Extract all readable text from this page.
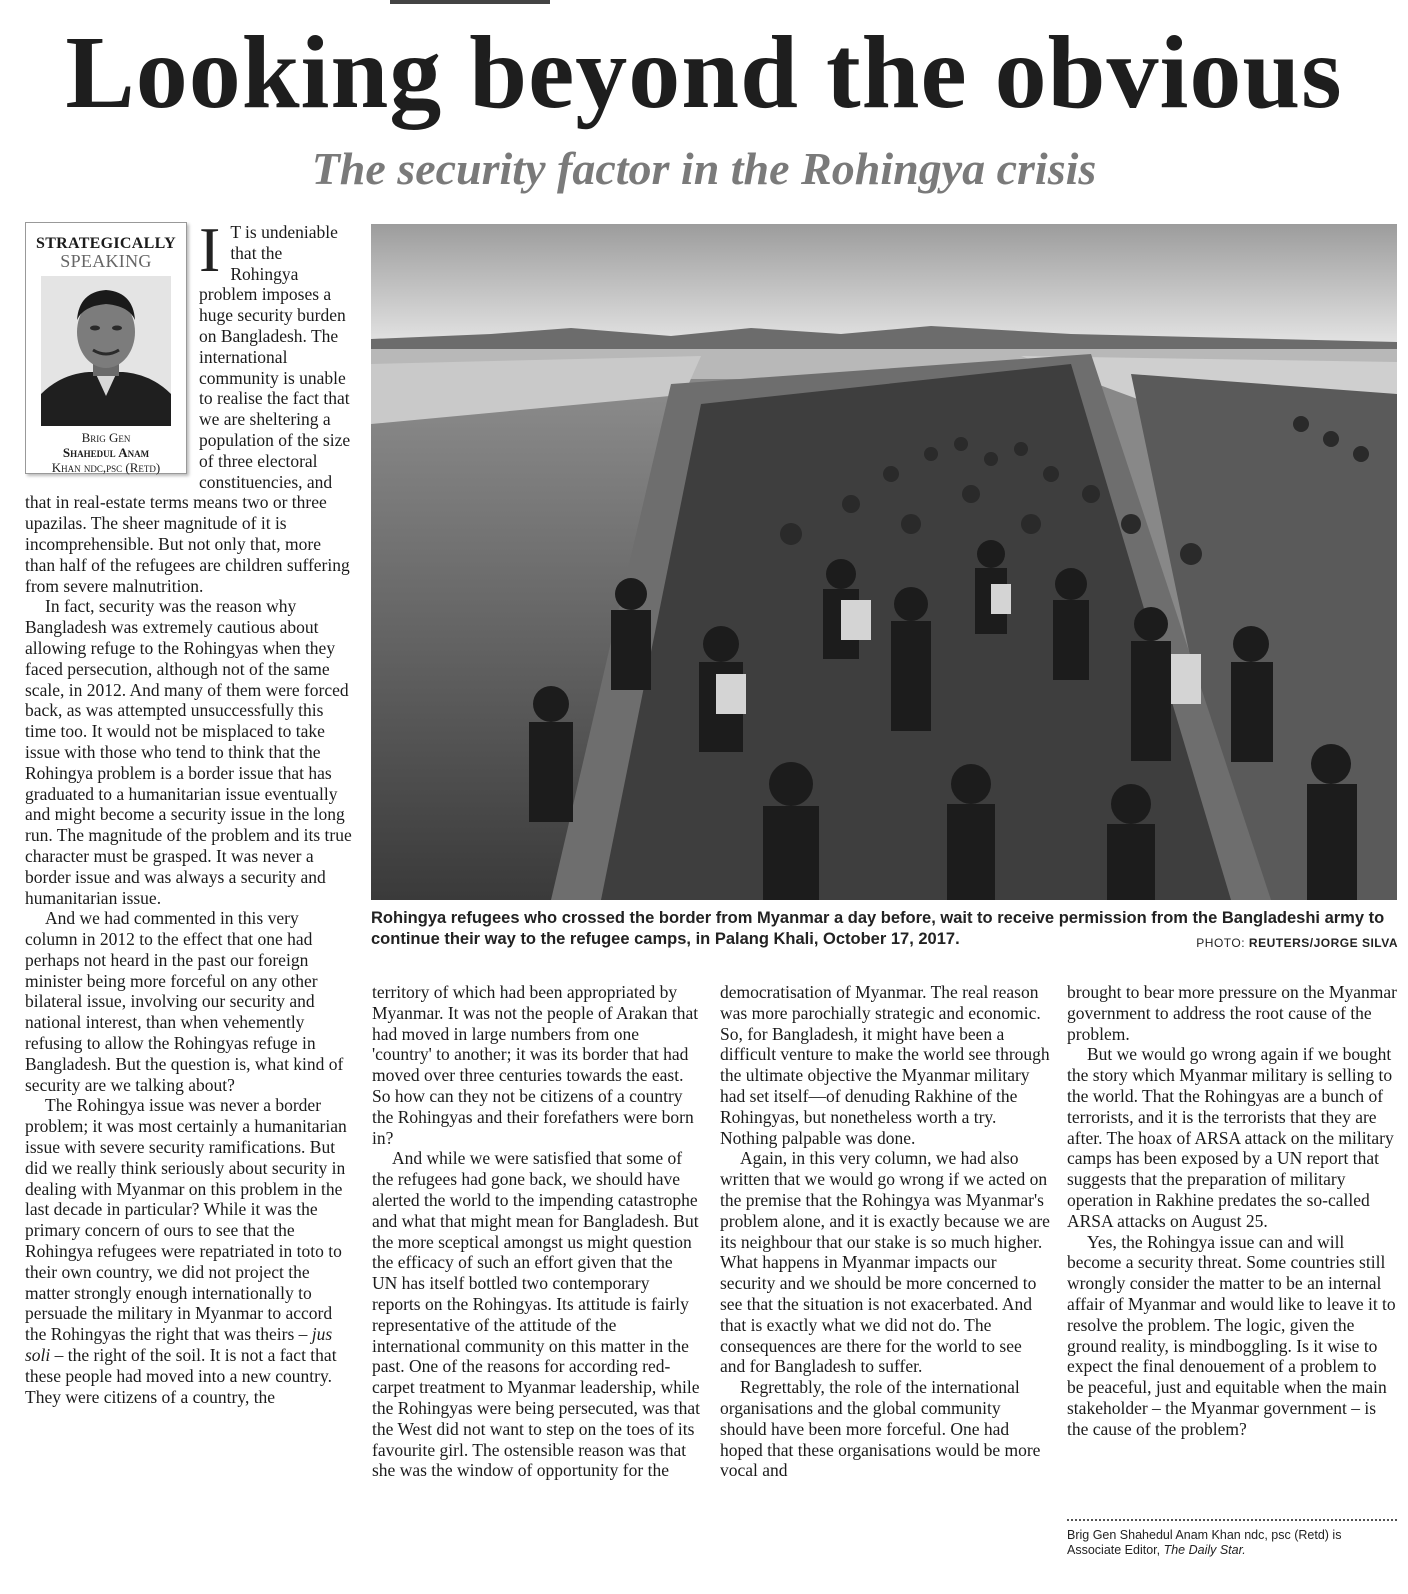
Looking beyond the obvious
The security factor in the Rohingya crisis
STRATEGICALLY
SPEAKING
Brig Gen
Shahedul Anam
Khan ndc,psc (Retd)
I T is undeniable that the Rohingya problem imposes a huge security burden on Bangladesh. The international community is unable to realise the fact that we are sheltering a population of the size of three electoral constituencies, and that in real-estate terms means two or three upazilas. The sheer magnitude of it is incomprehensible. But not only that, more than half of the refugees are children suffering from severe malnutrition.

In fact, security was the reason why Bangladesh was extremely cautious about allowing refuge to the Rohingyas when they faced persecution, although not of the same scale, in 2012. And many of them were forced back, as was attempted unsuccessfully this time too. It would not be misplaced to take issue with those who tend to think that the Rohingya problem is a border issue that has graduated to a humanitarian issue eventually and might become a security issue in the long run. The magnitude of the problem and its true character must be grasped. It was never a border issue and was always a security and humanitarian issue.

And we had commented in this very column in 2012 to the effect that one had perhaps not heard in the past our foreign minister being more forceful on any other bilateral issue, involving our security and national interest, than when vehemently refusing to allow the Rohingyas refuge in Bangladesh. But the question is, what kind of security are we talking about?

The Rohingya issue was never a border problem; it was most certainly a humanitarian issue with severe security ramifications. But did we really think seriously about security in dealing with Myanmar on this problem in the last decade in particular? While it was the primary concern of ours to see that the Rohingya refugees were repatriated in toto to their own country, we did not project the matter strongly enough internationally to persuade the military in Myanmar to accord the Rohingyas the right that was theirs – jus soli – the right of the soil. It is not a fact that these people had moved into a new country. They were citizens of a country, the

Rohingya refugees who crossed the border from Myanmar a day before, wait to receive permission from the Bangladeshi army to continue their way to the refugee camps, in Palang Khali, October 17, 2017.	PHOTO: REUTERS/JORGE SILVA

territory of which had been appropriated by Myanmar. It was not the people of Arakan that had moved in large numbers from one 'country' to another; it was its border that had moved over three centuries towards the east. So how can they not be citizens of a country the Rohingyas and their forefathers were born in?

And while we were satisfied that some of the refugees had gone back, we should have alerted the world to the impending catastrophe and what that might mean for Bangladesh. But the more sceptical amongst us might question the efficacy of such an effort given that the UN has itself bottled two contemporary reports on the Rohingyas. Its attitude is fairly representative of the attitude of the international community on this matter in the past. One of the reasons for according red-carpet treatment to Myanmar leadership, while the Rohingyas were being persecuted, was that the West did not want to step on the toes of its favourite girl. The ostensible reason was that she was the window of opportunity for the

democratisation of Myanmar. The real reason was more parochially strategic and economic. So, for Bangladesh, it might have been a difficult venture to make the world see through the ultimate objective the Myanmar military had set itself—of denuding Rakhine of the Rohingyas, but nonetheless worth a try. Nothing palpable was done.

Again, in this very column, we had also written that we would go wrong if we acted on the premise that the Rohingya was Myanmar's problem alone, and it is exactly because we are its neighbour that our stake is so much higher. What happens in Myanmar impacts our security and we should be more concerned to see that the situation is not exacerbated. And that is exactly what we did not do. The consequences are there for the world to see and for Bangladesh to suffer.

Regrettably, the role of the international organisations and the global community should have been more forceful. One had hoped that these organisations would be more vocal and

brought to bear more pressure on the Myanmar government to address the root cause of the problem.

But we would go wrong again if we bought the story which Myanmar military is selling to the world. That the Rohingyas are a bunch of terrorists, and it is the terrorists that they are after. The hoax of ARSA attack on the military camps has been exposed by a UN report that suggests that the preparation of military operation in Rakhine predates the so-called ARSA attacks on August 25.

Yes, the Rohingya issue can and will become a security threat. Some countries still wrongly consider the matter to be an internal affair of Myanmar and would like to leave it to resolve the problem. The logic, given the ground reality, is mindboggling. Is it wise to expect the final denouement of a problem to be peaceful, just and equitable when the main stakeholder – the Myanmar government – is the cause of the problem?

Brig Gen Shahedul Anam Khan ndc, psc (Retd) is Associate Editor, The Daily Star.
